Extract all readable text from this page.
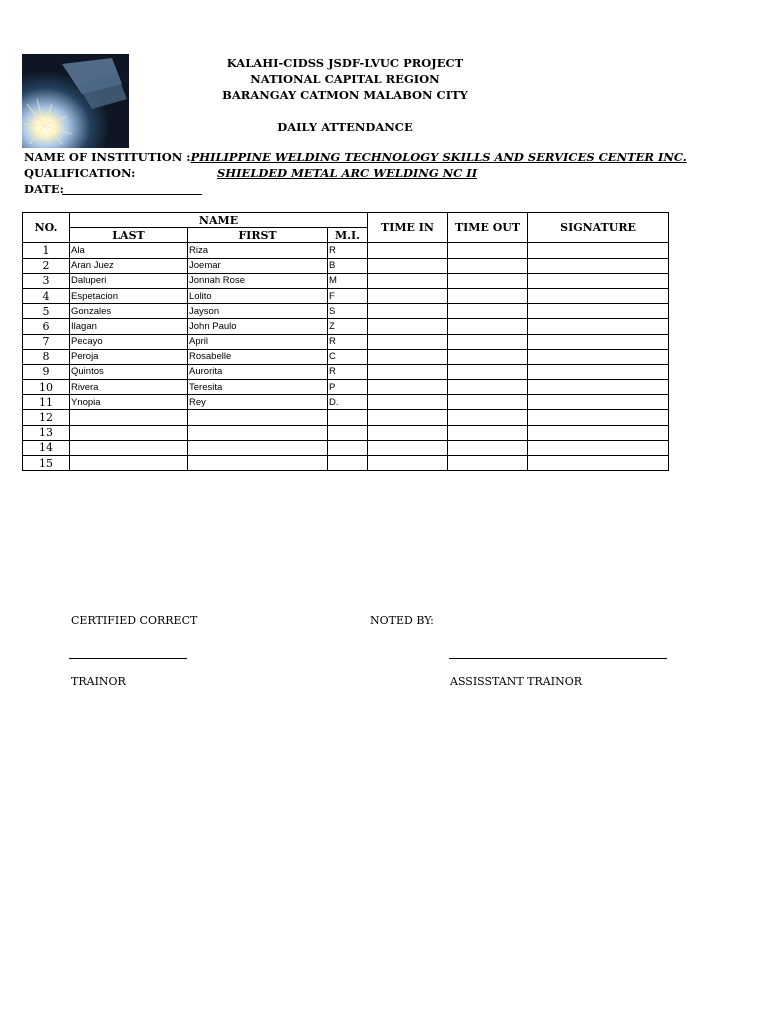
KALAHI-CIDSS JSDF-LVUC PROJECT
NATIONAL CAPITAL REGION
BARANGAY CATMON MALABON CITY
DAILY ATTENDANCE
NAME OF INSTITUTION :PHILIPPINE WELDING TECHNOLOGY SKILLS AND SERVICES CENTER INC.
QUALIFICATION:	SHIELDED METAL ARC WELDING NC II
DATE:
NO.	NAME			TIME IN	TIME OUT	SIGNATURE
	LAST	FIRST	M.I.			
1	Ala	Riza	R			
2	Aran Juez	Joemar	B			
3	Daluperi	Jonnah Rose	M			
4	Espetacion	Lolito	F			
5	Gonzales	Jayson	S			
6	Ilagan	John Paulo	Z			
7	Pecayo	April	R			
8	Peroja	Rosabelle	C			
9	Quintos	Aurorita	R			
10	Rivera	Teresita	P			
11	Ynopia	Rey	D.			
12						
13						
14						
15						
CERTIFIED CORRECT	NOTED BY:
TRAINOR	ASSISSTANT TRAINOR
